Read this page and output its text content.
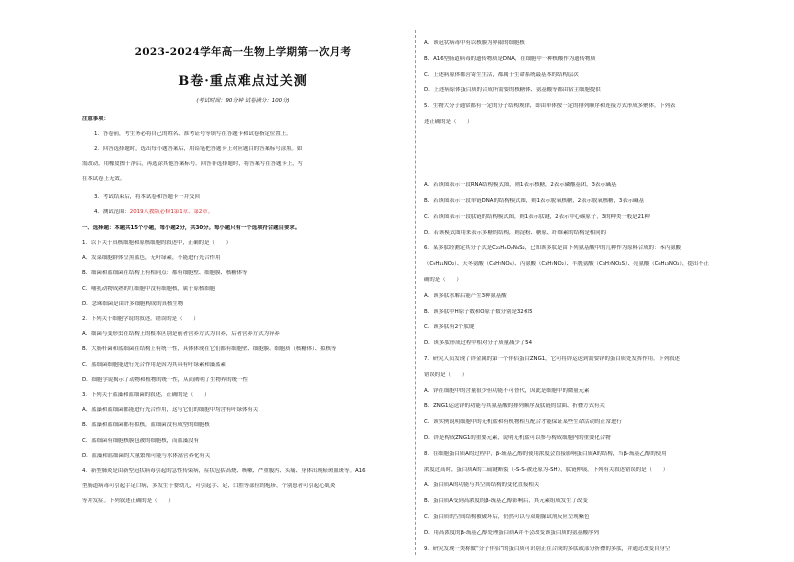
2023-2024学年高一生物上学期第一次月考
B卷·重点难点过关测
(考试时间：90分钟 试卷满分：100分)
注意事项：
1．答卷前，考生务必将自己的姓名、准考证号等填写在答题卡和试卷指定位置上。
2．回答选择题时，选出每小题答案后，用铅笔把答题卡上对应题目的答案标号涂黑。如
需改动，用橡皮擦干净后，再选涂其他答案标号。回答非选择题时，将答案写在答题卡上，写
在本试卷上无效。
3．考试结束后，将本试卷和答题卡一并交回
4．测试范围：2019人教版必修1第1章、第2章。
一、选择题：本题共15个小题，每小题2分，共30分。每小题只有一个选项符合题目要求。
1．以下关于真核细胞和原核细胞的叙述中，正确的是（　　）
A．发菜细胞群体呈黑蓝色，无叶绿素，不能进行光合作用
B．细菌和蓝细菌在结构上有相同点：都有细胞壁、细胞膜、核糖体等
C．哺乳动物成熟的红细胞中没有细胞核，属于原核细胞
D．念珠细菌是由许多细胞构成的真核生物
2．下列关于细胞学说的叙述，错误的是（　　）
A．细菌与变形虫在结构上的根本区别是前者营养方式为自养，后者营养方式为异养
B．大肠杆菌和蓝细菌在结构上有统一性，具体体现在它们都有细胞壁、细胞膜、细胞质（核糖体）、拟核等
C．蓝细菌细胞能进行光合作用是因为其具有叶绿素和藻蓝素
D．细胞学说揭示了动物和植物的统一性，从而阐明了生物界的统一性
3．下列关于蓝藻和蓝细菌的叙述，正确的是（　　）
A．蓝藻和蓝细菌都能进行光合作用，这与它们的细胞中均含有叶绿体有关
B．蓝藻和蓝细菌都有拟核，蓝细菌没有成型的细胞核
C．蓝细菌有细胞核膜包被的细胞核，而蓝藻没有
D．蓝藻和蓝细菌的大量繁殖可能与水体富营养化有关
4．新型肺炎是由新型冠状病毒引起的急性传染病，症状包括高烧、咳嗽、严重腹泻、头痛、身体出现瘀斑血斑等。A16
型肠道病毒可引起手足口病，多发生于婴幼儿，可引起手、足、口腔等部位的疱疹，个别患者可引起心肌炎
等并发症。下列叙述正确的是（　　）
A．该冠状病毒中有以核膜为界限的细胞核
B．A16型肠道病毒的遗传物质是DNA，在细胞中一种核酸作为遗传物质
C．上述病原体都营寄生生活，都属于生命系统最基本的结构层次
D．上述病原体蛋白质的合成所需要的核糖体、氨基酸等都由宿主细胞提供
5．生物大分子通常都有一定的分子结构规律，即由单体按一定的排列顺序和连接方式形成多聚体。下列表
述正确的是（　　）
A．若该图表示一段RNA结构模式图，则1表示核糖，2表示磷酸基团，3表示碱基
B．若该图表示一段单链DNA的结构模式图，则1表示脱氧核糖，2表示脱氧核糖，3表示碱基
C．若该图表示一段肽链的结构模式图，则1表示肽键，2表示中心碳原子，3的种类一般是21种
D．若该模式图用来表示多糖的结构，则淀粉、糖原、纤维素的结构是相同的
6．某多肽经测定其分子式是C₂₁HₓOᵧN₄S₂，已知该多肽是由下列氨基酸中的几种作为原料合成的：苯丙氨酸
（C₉H₁₁NO₂）、天冬氨酸（C₄H₇NO₄）、丙氨酸（C₃H₇NO₂）、半胱氨酸（C₃H₇NO₂S）、亮氨酸（C₆H₁₃NO₂），提出不正
确的是（　　）
A．该多肽水解后能产生3种氨基酸
B．该多肽中H原子数和O原子数分别是32和5
C．该多肽有2个肽键
D．该多肽形成过程中相对分子质量减少了54
7．研究人员发现了锌金属的第一个伴侣蛋白ZNG1，它可将锌运送到需要锌的蛋白质处发挥作用。下列叙述
错误的是（　　）
A．锌在细胞中的含量很少但功能不可替代，因此是细胞中的微量元素
B．ZNG1运送锌的功能与其氨基酸的排列顺序及肽链的盘曲、折叠方式有关
C．该实例说明细胞中的无机盐和有机物相互配合才能保证某些生命活动的正常进行
D．锌是构成ZNG1的重要元素，说明无机盐可以参与构成细胞内的重要化合物
8．在细胞蛋白质A的过程中，β-巯基乙醇的使用浓度会直接影响蛋白质A的结构，当β-巯基乙醇的使用
浓度过高时，蛋白质A的二硫键断裂（-S-S-被还原为-SH），肽链伸展。下列有关叙述错误的是（　　）
A．蛋白质A的功能与其空间结构的变化直接相关
B．蛋白质A受到高浓度的β-巯基乙醇影响后，其元素组成发生了改变
C．蛋白质的空间结构被破坏后，仍然可以与双缩脲试剂反应呈现紫色
D．用高浓度的β-巯基乙醇处理蛋白质A并不会改变该蛋白质的氨基酸序列
9．研究发现一类称做“分子伴侣”的蛋白质可识别正在合成的多肽或部分折叠的多肽，并通过改变自身空
